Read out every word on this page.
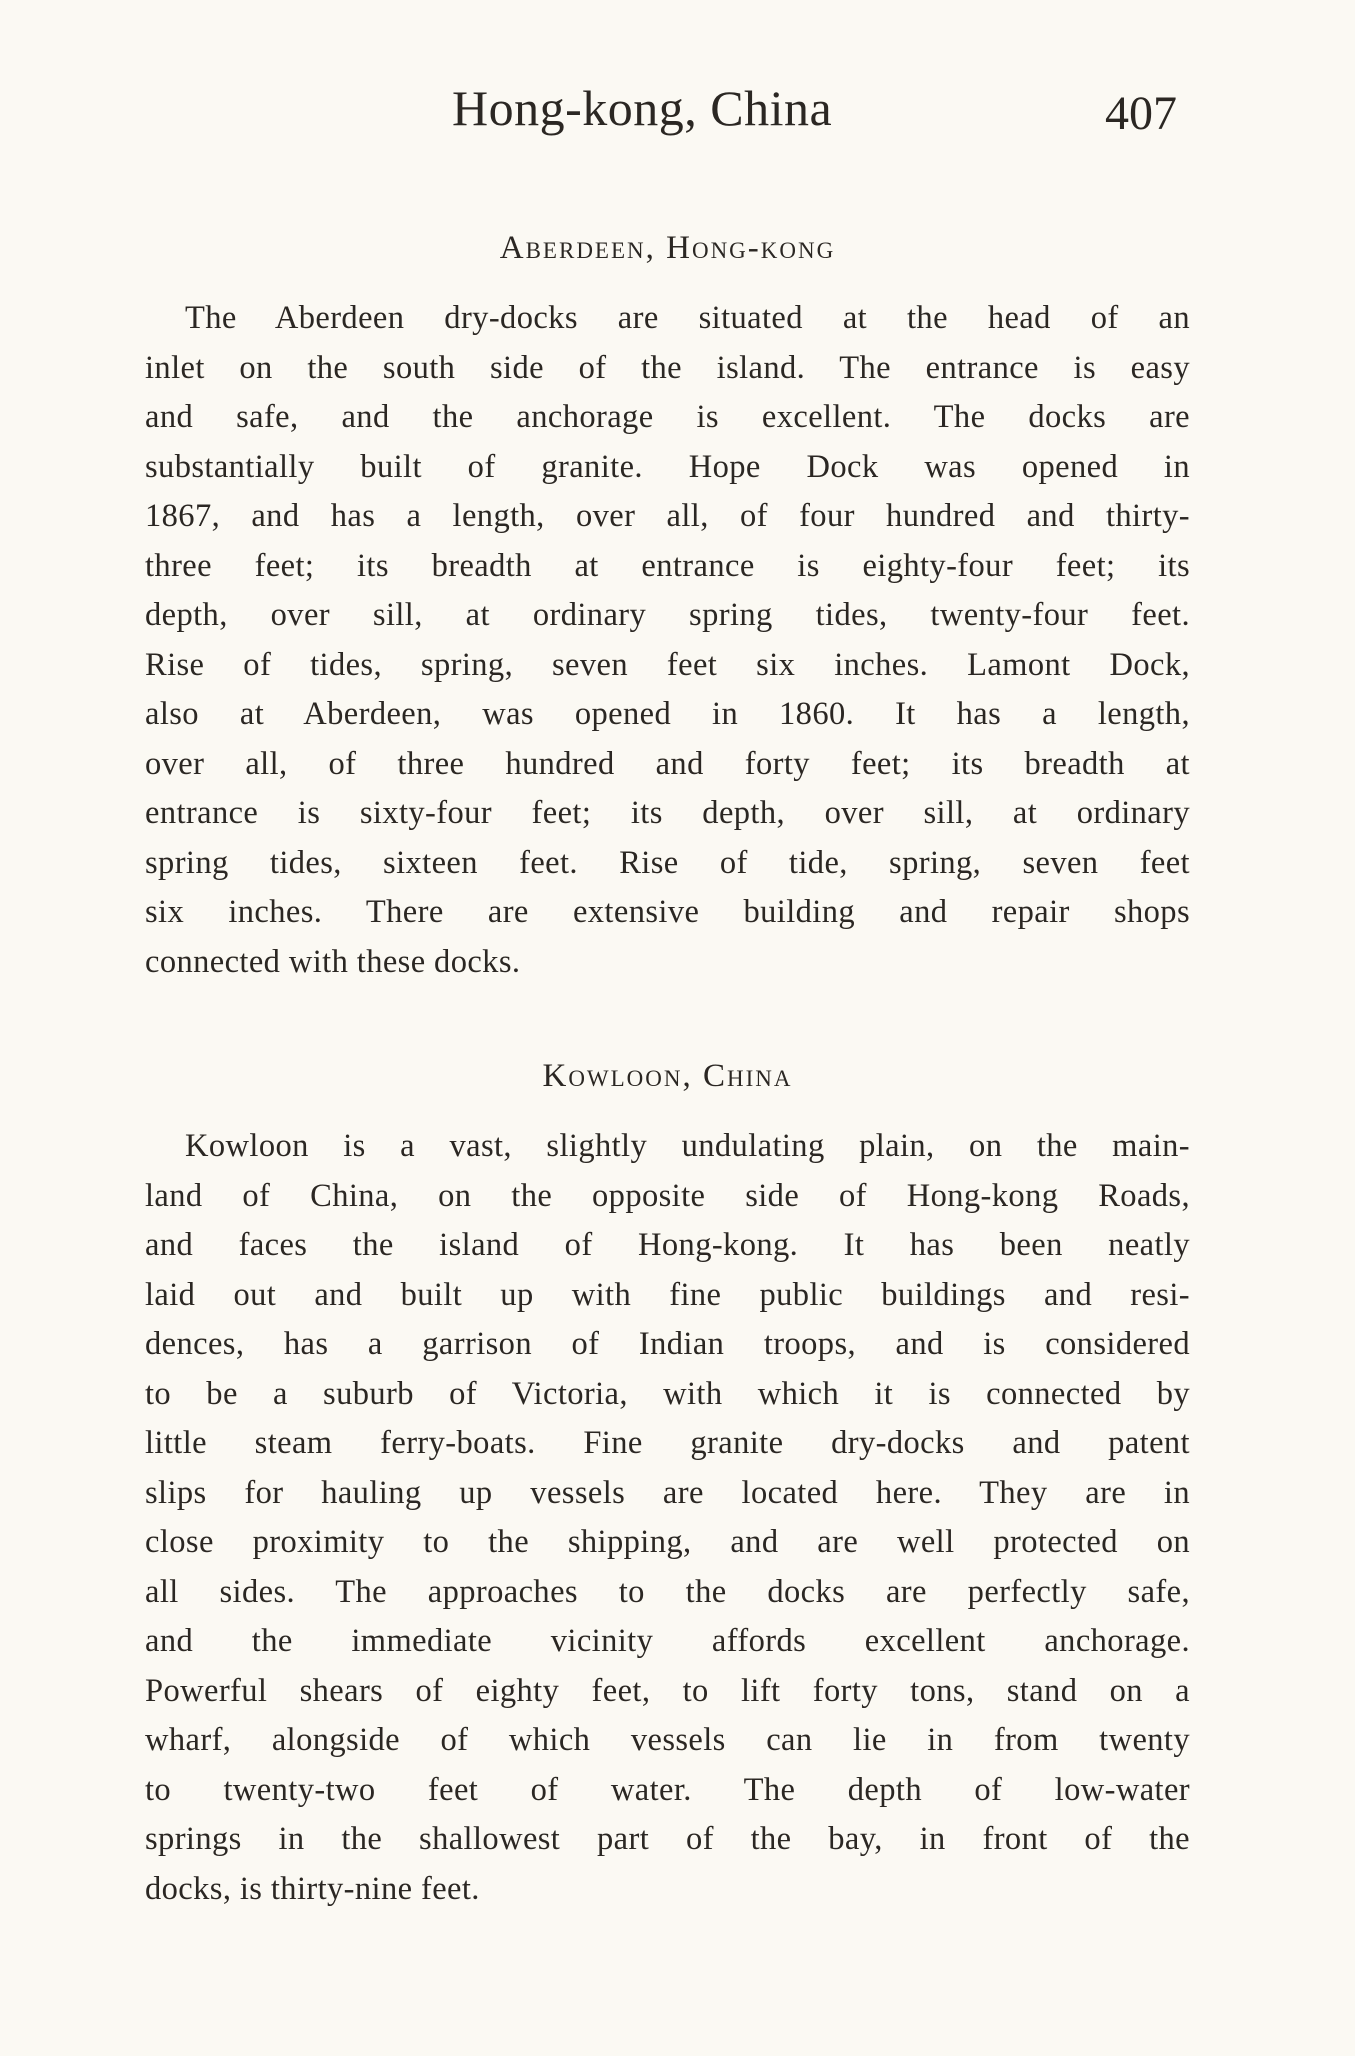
Hong-kong, China	407
Aberdeen, Hong-kong
The Aberdeen dry-docks are situated at the head of an
inlet on the south side of the island. The entrance is easy
and safe, and the anchorage is excellent. The docks are
substantially built of granite. Hope Dock was opened in
1867, and has a length, over all, of four hundred and thirty-
three feet; its breadth at entrance is eighty-four feet; its
depth, over sill, at ordinary spring tides, twenty-four feet.
Rise of tides, spring, seven feet six inches. Lamont Dock,
also at Aberdeen, was opened in 1860. It has a length,
over all, of three hundred and forty feet; its breadth at
entrance is sixty-four feet; its depth, over sill, at ordinary
spring tides, sixteen feet. Rise of tide, spring, seven feet
six inches. There are extensive building and repair shops
connected with these docks.
Kowloon, China
Kowloon is a vast, slightly undulating plain, on the main-
land of China, on the opposite side of Hong-kong Roads,
and faces the island of Hong-kong. It has been neatly
laid out and built up with fine public buildings and resi-
dences, has a garrison of Indian troops, and is considered
to be a suburb of Victoria, with which it is connected by
little steam ferry-boats. Fine granite dry-docks and patent
slips for hauling up vessels are located here. They are in
close proximity to the shipping, and are well protected on
all sides. The approaches to the docks are perfectly safe,
and the immediate vicinity affords excellent anchorage.
Powerful shears of eighty feet, to lift forty tons, stand on a
wharf, alongside of which vessels can lie in from twenty
to twenty-two feet of water. The depth of low-water
springs in the shallowest part of the bay, in front of the
docks, is thirty-nine feet.
